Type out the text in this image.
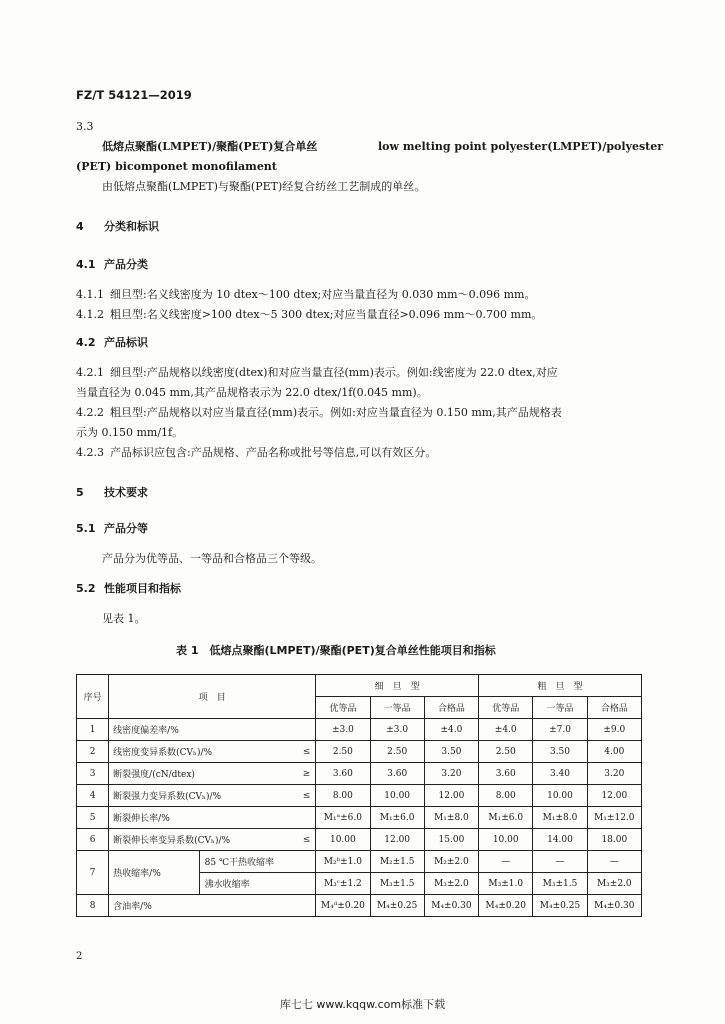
FZ/T 54121—2019
3.3
低熔点聚酯(LMPET)/聚酯(PET)复合单丝	low melting point polyester(LMPET)/polyester
(PET) bicomponet monofilament
由低熔点聚酯(LMPET)与聚酯(PET)经复合纺丝工艺制成的单丝。
4 分类和标识
4.1 产品分类
4.1.1 细旦型:名义线密度为 10 dtex～100 dtex;对应当量直径为 0.030 mm～0.096 mm。
4.1.2 粗旦型:名义线密度>100 dtex～5 300 dtex;对应当量直径>0.096 mm～0.700 mm。
4.2 产品标识
4.2.1 细旦型:产品规格以线密度(dtex)和对应当量直径(mm)表示。例如:线密度为 22.0 dtex,对应
当量直径为 0.045 mm,其产品规格表示为 22.0 dtex/1f(0.045 mm)。
4.2.2 粗旦型:产品规格以对应当量直径(mm)表示。例如:对应当量直径为 0.150 mm,其产品规格表
示为 0.150 mm/1f。
4.2.3 产品标识应包含:产品规格、产品名称或批号等信息,可以有效区分。
5 技术要求
5.1 产品分等
产品分为优等品、一等品和合格品三个等级。
5.2 性能项目和指标
见表 1。
表 1　低熔点聚酯(LMPET)/聚酯(PET)复合单丝性能项目和指标
序号	项　目			细　旦　型			粗　旦　型		
				优等品	一等品	合格品	优等品	一等品	合格品
1	线密度偏差率/%			±3.0	±3.0	±4.0	±4.0	±7.0	±9.0
2	线密度变异系数(CVₕ)/%		≤	2.50	2.50	3.50	2.50	3.50	4.00
3	断裂强度/(cN/dtex)		≥	3.60	3.60	3.20	3.60	3.40	3.20
4	断裂强力变异系数(CVₕ)/%		≤	8.00	10.00	12.00	8.00	10.00	12.00
5	断裂伸长率/%			M₁ᵃ±6.0	M₁±6.0	M₁±8.0	M₁±6.0	M₁±8.0	M₁±12.0
6	断裂伸长率变异系数(CVₕ)/%		≤	10.00	12.00	15.00	10.00	14.00	18.00
7	热收缩率/%	85 ℃干热收缩率		M₂ᵇ±1.0	M₂±1.5	M₂±2.0	—	—	—
		沸水收缩率		M₃ᶜ±1.2	M₃±1.5	M₃±2.0	M₃±1.0	M₃±1.5	M₃±2.0
8	含油率/%			M₄ᵈ±0.20	M₄±0.25	M₄±0.30	M₄±0.20	M₄±0.25	M₄±0.30
2
库七七 www.kqqw.com标准下载
